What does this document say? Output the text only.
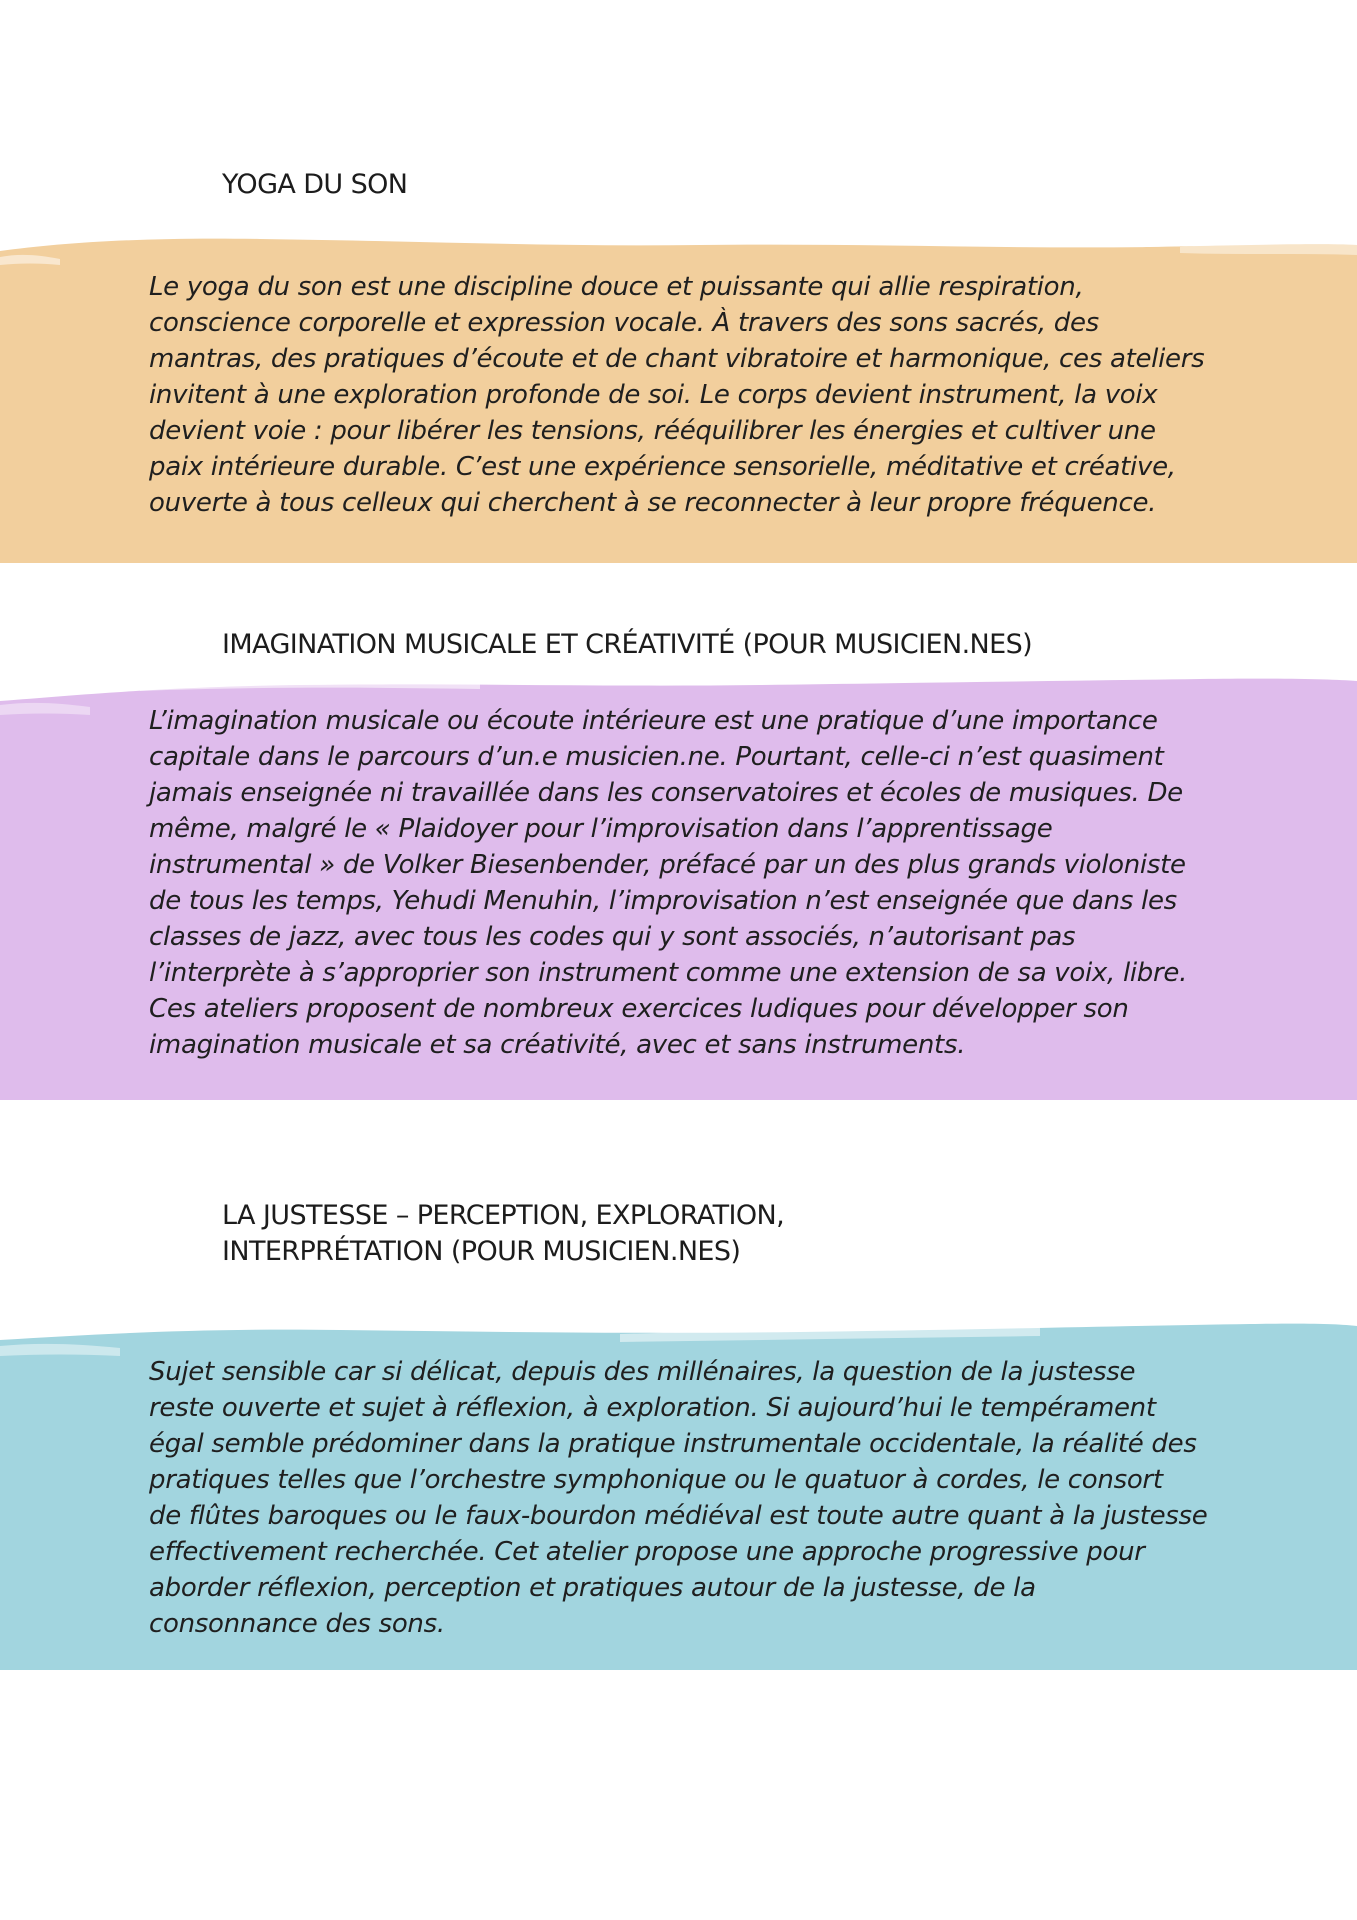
YOGA DU SON
Le yoga du son est une discipline douce et puissante qui allie respiration,
conscience corporelle et expression vocale. À travers des sons sacrés, des
mantras, des pratiques d’écoute et de chant vibratoire et harmonique, ces ateliers
invitent à une exploration profonde de soi. Le corps devient instrument, la voix
devient voie : pour libérer les tensions, rééquilibrer les énergies et cultiver une
paix intérieure durable. C’est une expérience sensorielle, méditative et créative,
ouverte à tous celleux qui cherchent à se reconnecter à leur propre fréquence.
IMAGINATION MUSICALE ET CRÉATIVITÉ (POUR MUSICIEN.NES)
L’imagination musicale ou écoute intérieure est une pratique d’une importance
capitale dans le parcours d’un.e musicien.ne. Pourtant, celle-ci n’est quasiment
jamais enseignée ni travaillée dans les conservatoires et écoles de musiques. De
même, malgré le « Plaidoyer pour l’improvisation dans l’apprentissage
instrumental » de Volker Biesenbender, préfacé par un des plus grands violoniste
de tous les temps, Yehudi Menuhin, l’improvisation n’est enseignée que dans les
classes de jazz, avec tous les codes qui y sont associés, n’autorisant pas
l’interprète à s’approprier son instrument comme une extension de sa voix, libre.
Ces ateliers proposent de nombreux exercices ludiques pour développer son
imagination musicale et sa créativité, avec et sans instruments.
LA JUSTESSE – PERCEPTION, EXPLORATION,
INTERPRÉTATION (POUR MUSICIEN.NES)
Sujet sensible car si délicat, depuis des millénaires, la question de la justesse
reste ouverte et sujet à réflexion, à exploration. Si aujourd’hui le tempérament
égal semble prédominer dans la pratique instrumentale occidentale, la réalité des
pratiques telles que l’orchestre symphonique ou le quatuor à cordes, le consort
de flûtes baroques ou le faux-bourdon médiéval est toute autre quant à la justesse
effectivement recherchée. Cet atelier propose une approche progressive pour
aborder réflexion, perception et pratiques autour de la justesse, de la
consonnance des sons.
